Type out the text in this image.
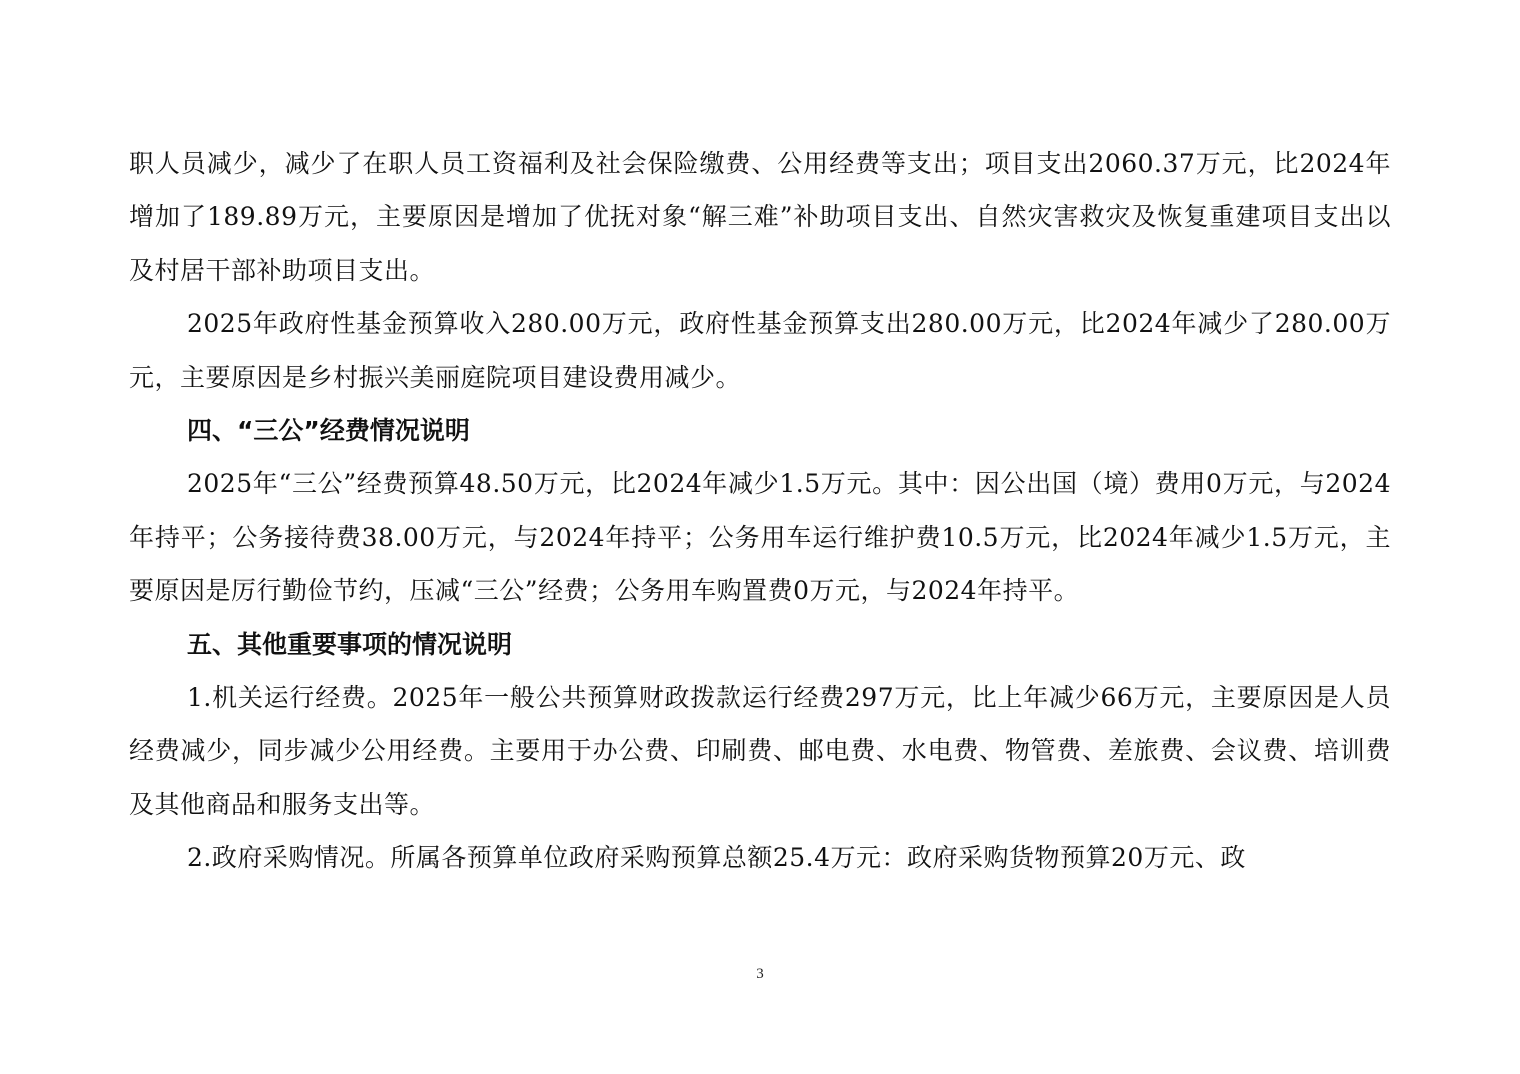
职人员减少，减少了在职人员工资福利及社会保险缴费、公用经费等支出；项目支出2060.37万元，比2024年增加了189.89万元，主要原因是增加了优抚对象“解三难”补助项目支出、自然灾害救灾及恢复重建项目支出以及村居干部补助项目支出。

2025年政府性基金预算收入280.00万元，政府性基金预算支出280.00万元，比2024年减少了280.00万元，主要原因是乡村振兴美丽庭院项目建设费用减少。

四、“三公”经费情况说明

2025年“三公”经费预算48.50万元，比2024年减少1.5万元。其中：因公出国（境）费用0万元，与2024年持平；公务接待费38.00万元，与2024年持平；公务用车运行维护费10.5万元，比2024年减少1.5万元，主要原因是厉行勤俭节约，压减“三公”经费；公务用车购置费0万元，与2024年持平。

五、其他重要事项的情况说明

1.机关运行经费。2025年一般公共预算财政拨款运行经费297万元，比上年减少66万元，主要原因是人员经费减少，同步减少公用经费。主要用于办公费、印刷费、邮电费、水电费、物管费、差旅费、会议费、培训费及其他商品和服务支出等。

2.政府采购情况。所属各预算单位政府采购预算总额25.4万元：政府采购货物预算20万元、政

3
